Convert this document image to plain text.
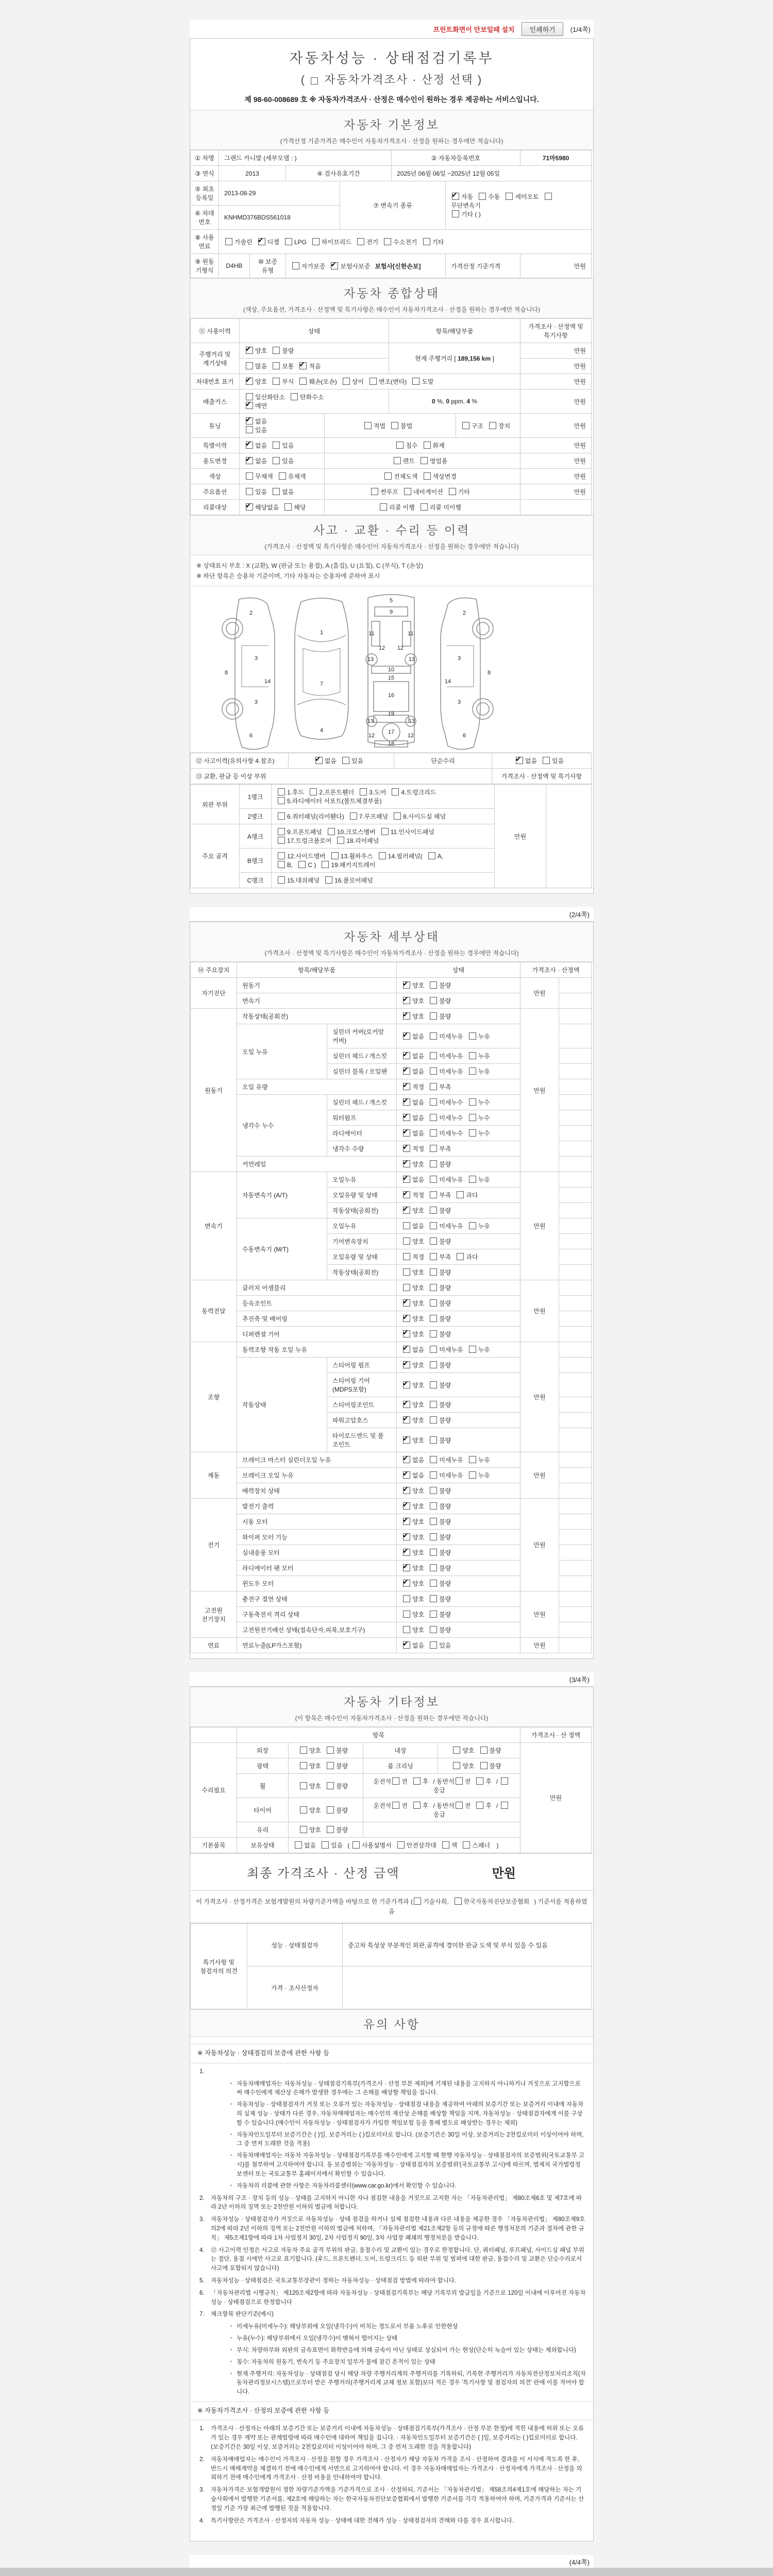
프린트화면이 안보일때 설치	인쇄하기	(1/4쪽)
자동차성능 · 상태점검기록부
(  자동차가격조사 · 산정 선택 )
제 98-60-008689 호 ※ 자동차가격조사 · 산정은 매수인이 원하는 경우 제공하는 서비스입니다.
자동차 기본정보
(가격산정 기준가격은 매수인이 자동차가격조사 · 산정을 원하는 경우에만 적습니다)
① 차명	그랜드 카니발 (세부모델 : )				② 자동차등록번호		71마5980
③ 연식	2013		④ 검사유효기간		2025년 06월 06일 ~2025년 12월 05일		
⑤ 최초 등록일	2013-08-29			⑦ 변속기 종류	✔자동 수동 세미오토무단변속기
기타 ( )
⑥ 차대 번호	KNHMD376BDS561018						
⑧ 사용 연료	가솔린 ✔ 디젤 LPG 하이브리드 전기 수소전기 기타
⑨ 원동 기형식	D4HB	⑩ 보증 유형	자가보증 ✔ 보험사보증 보험사[신한손보]			가격산정 기준가격	만원
자동차 종합상태
(색상, 주요옵션, 가격조사 · 산정액 및 특기사항은 매수인이 자동차가격조사 · 산정을 원하는 경우에만 적습니다)
⑪ 사용이력	상태		항목/해당부품		가격조사 · 산정액 및 특기사항
주행거리 및 계기상태	✔양호 불량		현재 주행거리 [ 189,156 km ]		만원
	많음 보통 ✔ 적음				만원
차대번호 표기	✔양호 부식 훼손(오손) 상이 변조(변타) 도말				만원
배출가스	일산화탄소 탄화수소
✔매연		0 %, 0 ppm, 4 %		만원
튜닝	✔없음
있음	적법 불법		구조 장치	만원
특별이력	✔없음 있음	침수 화재			만원
용도변경	✔없음 있음	렌트 영업용			만원
색상	무채색 유채색	전체도색 색상변경			만원
주요옵션	있음 없음	썬루프 네비게이션 기타			만원
리콜대상	✔해당없음 해당	리콜 이행 리콜 미이행			
사고 · 교환 · 수리 등 이력
(가격조사 · 산정액 및 특기사항은 매수인이 자동차가격조사 · 산정을 원하는 경우에만 적습니다)
※ 상태표시 부호 : X (교환), W (판금 또는 용접), A (흠집), U (요철), C (부식), T (손상)
※ 하단 항목은 승용차 기준이며, 기타 자동차는 승용차에 준하여 표시
2
3
8
14
3
6
1
7
4
5
9
11	11
12 12
13	13
10
15
16
19
13	13
17
12	12
18
2
3
8
14
3
6
⑫ 사고이력(유의사항 4.참조)	✔없음 있음	단순수리	✔없음 있음
⑬ 교환, 판금 등 이상 부위			가격조사 · 산정액 및 특기사항
외판 부위	1랭크	1.후드 2.프론트휀더 3.도어 4.트렁크리드
5.라디에이터 서포트(볼트체결부품)	만원	
	2랭크	6.쿼터패널(리어휀다) 7.루프패널 8.사이드실 패널		
주요 골격	A랭크	9.프론트패널 10.크로스멤버 11.인사이드패널
17.트렁크플로어 18.리어패널		
	B랭크	12.사이드멤버 13.휠하우스 14.필러패널( A,
B, C ) 19.패키지트레이		
	C랭크	15.대쉬패널 16.플로어패널		
(2/4쪽)
자동차 세부상태
(가격조사 · 산정액 및 특기사항은 매수인이 자동차가격조사 · 산정을 원하는 경우에만 적습니다)
⑭ 주요장치	항목/해당부품		상태	가격조사 · 산정액	
자기진단	원동기	✔양호 불량	만원	
	변속기	✔양호 불량	
원동기	작동상태(공회전)	✔양호 불량	만원	
	오일 누유	실린더 커버(로커암 커버)	✔없음 미세누유 누유	
		실린더 헤드 / 개스킷	✔없음 미세누유 누유	
		실린더 블록 / 오일팬	✔없음 미세누유 누유	
	오일 유량	✔적정 부족	
	냉각수 누수	실린더 헤드 / 개스킷	✔없음 미세누수 누수	
		워터펌프	✔없음 미세누수 누수	
		라디에이터	✔없음 미세누수 누수	
		냉각수 수량	✔적정 부족	
	커먼레일	✔양호 불량	
변속기	자동변속기 (A/T)	오일누유	✔없음 미세누유 누유	만원	
		오일유량 및 상태	✔적정 부족 과다	
		작동상태(공회전)	✔양호 불량	
	수동변속기 (M/T)	오일누유	없음 미세누유 누유		
		기어변속장치	양호 불량		
		오일유량 및 상태	적정 부족 과다		
		작동상태(공회전)	양호 불량		
동력전달	클러치 어셈블리		양호 불량	만원	
	등속조인트	✔양호 불량	
	추진축 및 베어링	✔양호 불량	
	디퍼렌셜 기어	✔양호 불량	
조향	동력조향 작동 오일 누유	✔없음 미세누유 누유	만원	
	작동상태	스티어링 펌프	✔양호 불량	
		스티어링 기어(MDPS포함)	✔양호 불량	
		스티어링조인트	✔양호 불량	
		파워고압호스	✔양호 불량	
		타이로드엔드 및 볼 조인트	✔양호 불량	
제동	브레이크 마스터 실린더오일 누유	✔없음 미세누유 누유	만원	
	브레이크 오일 누유	✔없음 미세누유 누유	
	배력장치 상태	✔양호 불량	
전기	발전기 출력	✔양호 불량	만원	
	시동 모터	✔양호 불량	
	와이퍼 모터 기능	✔양호 불량	
	실내송풍 모터	✔양호 불량	
	라디에이터 팬 모터	✔양호 불량	
	윈도우 모터	✔양호 불량	
고전원 전기장치	충전구 절연 상태		양호 불량	만원	
	구동축전지 격리 상태		양호 불량		
	고전원전기배선 상태(접속단자,피복,보호기구)		양호 불량		
연료	연료누출(LP가스포함)	✔없음 있음	만원	
(3/4쪽)
자동차 기타정보
(이 항목은 매수인이 자동차가격조사 · 산정을 원하는 경우에만 적습니다)
	항목				가격조사 · 산 정액
수리필요	외장	양호 불량	내장	양호 불량	만원
	광택	양호 불량	룸 크리닝	양호 불량	
	휠	양호 불량	운전석 전 후 / 동반석 전 후 / 응급		
	타이어	양호 불량	운전석 전 후 / 동반석 전 후 / 응급		
	유리	양호 불량			
기본품목	보유상태	없음 있음 ( 사용설명서 안전삼각대 잭 스패너 )			
최종 가격조사 · 산정 금액	만원
이 가격조사 · 산정가격은 보험개발원의 차량기준가액을 바탕으로 한 기준가격과 ( 기술사회, 한국자동차진단보증협회 ) 기준서를 적용하였음
특기사항 및 점검자의 의견	성능 · 상태점검자	중고차 특성상 부분적인 외판,골격에 경미한 판금 도색 및 부식 있을 수 있음
	가격 · 조사산정자	
유의 사항
※ 자동차성능 · 상태점검의 보증에 관한 사항 등
1.
▫ 자동차매매업자는 자동차성능 · 상태점검기록부(가격조사 · 산정 부분 제외)에 기재된 내용을 고지하지 아니하거나 거짓으로 고지함으로써 매수인에게 재산상 손해가 발생한 경우에는 그 손해를 배상할 책임을 집니다.
▫ 자동차성능 · 상태점검자가 거짓 또는 오류가 있는 자동차성능 · 상태점검 내용을 제공하여 아래의 보증기간 또는 보증거리 이내에 자동차의 실제 성능 · 상태가 다른 경우, 자동차매매업자는 매수인의 재산상 손해를 배상할 책임을 지며, 자동차성능 · 상태점검자에게 이를 구상할 수 있습니다.(매수인이 자동차성능 · 상태점검자가 가입한 책임보험 등을 통해 별도로 배상받는 경우는 제외)
▫ 자동차인도일부터 보증기간은 ( )일, 보증거리는 ( )킬로미터로 합니다. (보증기간은 30일 이상, 보증거리는 2천킬로미터 이상이어야 하며, 그 중 먼저 도래한 것을 적용)
▫ 자동차매매업자는 자동차 자동차성능 · 상태점검기록부를 매수인에게 고지할 때 현행 자동차성능 · 상태점검자의 보증범위(국토교통부 고시)를 첨부하여 고지하여야 합니다. 동 보증범위는 '자동차성능 · 상태점검자의 보증범위'(국토교통부 고시)에 따르며, 법제처 국가법령정보센터 또는 국토교통부 홈페이지에서 확인할 수 있습니다.
▫ 자동차의 리콜에 관한 사항은 자동차리콜센터(www.car.go.kr)에서 확인할 수 있습니다.
2.	자동차의 구조 · 장치 등의 성능 · 상태를 고지하지 아니한 자나 점검한 내용을 거짓으로 고지한 자는 「자동차관리법」 제80조제6호 및 제7호에 따라 2년 이하의 징역 또는 2천만원 이하의 벌금에 처합니다.
3.	자동차성능 · 상태점검자가 거짓으로 자동차성능 · 상태 점검을 하거나 실제 점검한 내용과 다른 내용을 제공한 경우 「자동차관리법」 제80조제9호의2에 따라 2년 이하의 징역 또는 2천만원 이하의 벌금에 처하며, 「자동차관리법 제21조제2항 등의 규정에 따른 행정처분의 기준과 절차에 관한 규칙」 제5조제1항에 따라 1차 사업정지 30일, 2차 사업정지 90일, 3차 사업장 폐쇄의 행정처분을 받습니다.
4.	⑫ 사고이력 인정은 사고로 자동차 주요 골격 부위의 판금, 용접수리 및 교환이 있는 경우로 한정합니다. 단, 쿼터패널, 루프패널, 사이드실 패널 부위는 절단, 용접 시에만 사고로 표기합니다. (후드, 프론트펜더, 도어, 트렁크리드 등 외판 부위 및 범퍼에 대한 판금, 용접수리 및 교환은 단순수리로서 사고에 포함되지 않습니다)
5.	자동차성능 · 상태점검은 국토교통부장관이 정하는 자동차성능 · 상태점검 방법에 따라야 합니다.
6.	「자동차관리법 시행규칙」 제120조제2항에 따라 자동차성능 · 상태점검기록부는 해당 기록부의 발급일을 기준으로 120일 이내에 이루어진 자동차 성능 · 상태점검으로 한정합니다
7.	체크항목 판단기준(예시)
▫ 미세누유(미세누수): 해당부위에 오일(냉각수)이 비치는 정도로서 부품 노후로 인한현상
▫ 누유(누수): 해당부위에서 오일(냉각수)이 맺혀서 떨어지는 상태
▫ 부식: 차량하부와 외판의 금속표면이 화학반응에 의해 금속이 아닌 상태로 상실되어 가는 현상(단순히 녹슬어 있는 상태는 제외합니다)
▫ 침수: 자동차의 원동기, 변속기 등 주요장치 일부가 물에 잠긴 흔적이 있는 상태
▫ 현재 주행거리: 자동차성능 · 상태점검 당시 해당 차량 주행거리계의 주행거리를 기록하되, 기록한 주행거리가 자동차전산정보처리조직(자동차관리정보시스템)으로부터 받은 주행거리(주행거리계 교체 정보 포함)보다 적은 경우 '특기사항 및 점검자의 의견' 란에 이를 적어야 합니다.
※ 자동차가격조사 · 산정의 보증에 관한 사항 등
1.	가격조사 · 산정자는 아래의 보증기간 또는 보증거리 이내에 자동차성능 · 상태점검기록부(가격조사 · 산정 부분 한정)에 적힌 내용에 허위 또는 오류가 있는 경우 계약 또는 관계법령에 따라 매수인에 대하여 책임을 집니다. · 자동차인도일부터 보증기간은 ( )일, 보증거리는 ( )킬로미터로 합니다. (보증기간은 30일 이상, 보증거리는 2천킬로미터 이상이어야 하며, 그 중 먼저 도래한 것을 적용합니다)
2.	자동차매매업자는 매수인이 가격조사 · 산정을 원할 경우 가격조사 · 산정자가 해당 자동차 가격을 조사 · 산정하여 결과를 이 서식에 적도록 한 후, 반드시 매매계약을 체결하기 전에 매수인에게 서면으로 고지하여야 합니다. 이 경우 자동차매매업자는 가격조사 · 산정자에게 가격조사 · 산정을 의뢰하기 전에 매수인에게 가격조사 · 산정 비용을 안내하여야 합니다.
3.	자동차가격은 보험개발원이 정한 차량기준가액을 기준가격으로 조사 · 산정하되, 기준서는 「자동차관리법」 제58조의4제1호에 해당하는 자는 기술사회에서 발행한 기준서를, 제2호에 해당하는 자는 한국자동차진단보증협회에서 발행한 기준서를 각각 적용하여야 하며, 기준가격과 기준서는 산정일 기준 가장 최근에 발행된 것을 적용합니다.
4.	특기사항란은 가격조사 · 산정자의 자동차 성능 · 상태에 대한 견해가 성능 · 상태점검자의 견해와 다를 경우 표시합니다.
(4/4쪽)
